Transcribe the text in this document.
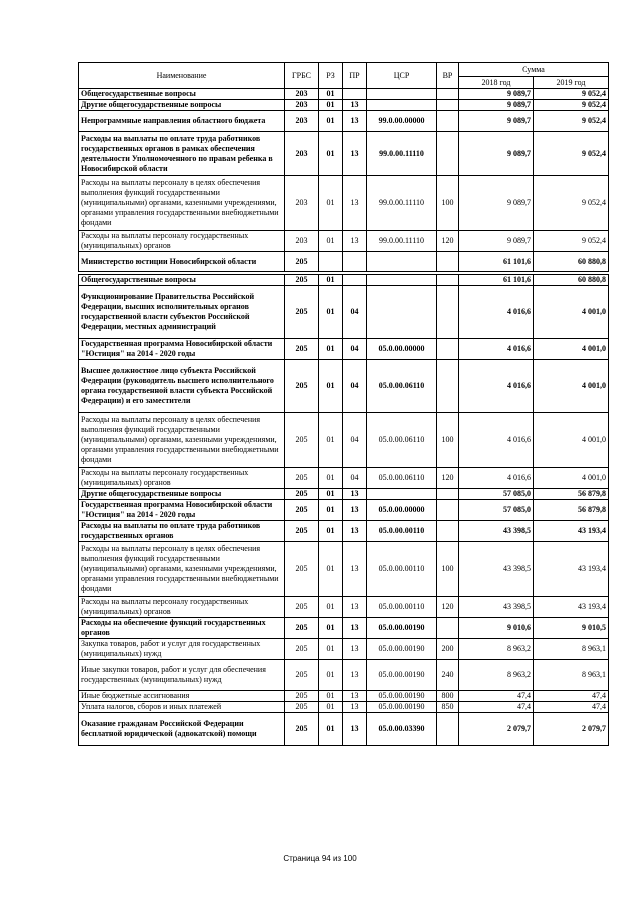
Наименование	ГРБС	РЗ	ПР	ЦСР	ВР	Сумма	
						2018 год	2019 год
Общегосударственные вопросы	203	01				9 089,7	9 052,4
Другие общегосударственные вопросы	203	01	13			9 089,7	9 052,4
Непрограммные направления областного бюджета	203	01	13	99.0.00.00000		9 089,7	9 052,4
Расходы на выплаты по оплате труда работников государственных органов в рамках обеспечения деятельности Уполномоченного по правам ребенка в Новосибирской области	203	01	13	99.0.00.11110		9 089,7	9 052,4
Расходы на выплаты персоналу в целях обеспечения выполнения функций государственными (муниципальными) органами, казенными учреждениями, органами управления государственными внебюджетными фондами	203	01	13	99.0.00.11110	100	9 089,7	9 052,4
Расходы на выплаты персоналу государственных (муниципальных) органов	203	01	13	99.0.00.11110	120	9 089,7	9 052,4
Министерство юстиции Новосибирской области	205					61 101,6	60 880,8

Общегосударственные вопросы	205	01				61 101,6	60 880,8
Функционирование Правительства Российской Федерации, высших исполнительных органов государственной власти субъектов Российской Федерации, местных администраций	205	01	04			4 016,6	4 001,0
Государственная программа Новосибирской области "Юстиция" на 2014 - 2020 годы	205	01	04	05.0.00.00000		4 016,6	4 001,0
Высшее должностное лицо субъекта Российской Федерации (руководитель высшего исполнительного органа государственной власти субъекта Российской Федерации) и его заместители	205	01	04	05.0.00.06110		4 016,6	4 001,0
Расходы на выплаты персоналу в целях обеспечения выполнения функций государственными (муниципальными) органами, казенными учреждениями, органами управления государственными внебюджетными фондами	205	01	04	05.0.00.06110	100	4 016,6	4 001,0
Расходы на выплаты персоналу государственных (муниципальных) органов	205	01	04	05.0.00.06110	120	4 016,6	4 001,0
Другие общегосударственные вопросы	205	01	13			57 085,0	56 879,8
Государственная программа Новосибирской области "Юстиция" на 2014 - 2020 годы	205	01	13	05.0.00.00000		57 085,0	56 879,8
Расходы на выплаты по оплате труда работников государственных органов	205	01	13	05.0.00.00110		43 398,5	43 193,4
Расходы на выплаты персоналу в целях обеспечения выполнения функций государственными (муниципальными) органами, казенными учреждениями, органами управления государственными внебюджетными фондами	205	01	13	05.0.00.00110	100	43 398,5	43 193,4
Расходы на выплаты персоналу государственных (муниципальных) органов	205	01	13	05.0.00.00110	120	43 398,5	43 193,4
Расходы на обеспечение функций государственных органов	205	01	13	05.0.00.00190		9 010,6	9 010,5
Закупка товаров, работ и услуг для государственных (муниципальных) нужд	205	01	13	05.0.00.00190	200	8 963,2	8 963,1
Иные закупки товаров, работ и услуг для обеспечения государственных (муниципальных) нужд	205	01	13	05.0.00.00190	240	8 963,2	8 963,1
Иные бюджетные ассигнования	205	01	13	05.0.00.00190	800	47,4	47,4
Уплата налогов, сборов и иных платежей	205	01	13	05.0.00.00190	850	47,4	47,4
Оказание гражданам Российской Федерации бесплатной юридической (адвокатской) помощи	205	01	13	05.0.00.03390		2 079,7	2 079,7
Страница 94 из 100
